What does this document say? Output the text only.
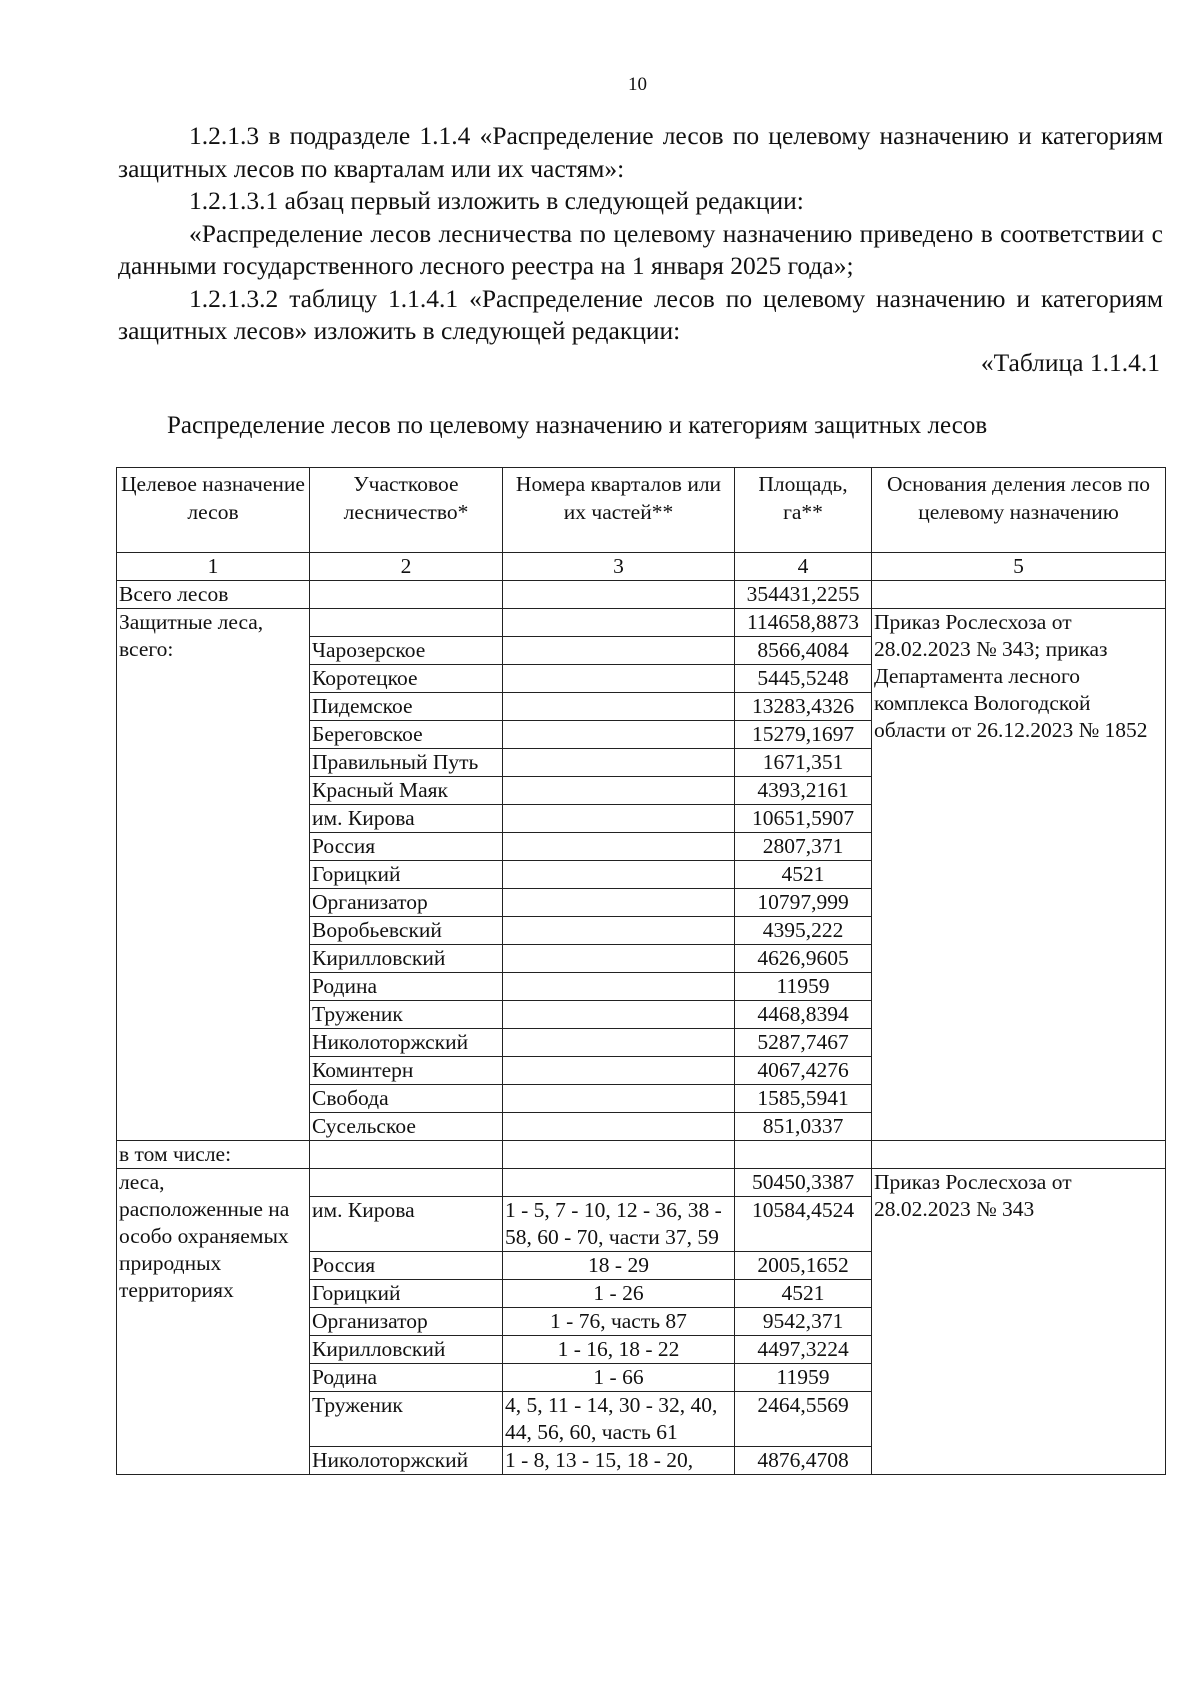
10

1.2.1.3 в подразделе 1.1.4 «Распределение лесов по целевому назначению и категориям защитных лесов по кварталам или их частям»:

1.2.1.3.1 абзац первый изложить в следующей редакции:

«Распределение лесов лесничества по целевому назначению приведено в соответствии с данными государственного лесного реестра на 1 января 2025 года»;

1.2.1.3.2 таблицу 1.1.4.1 «Распределение лесов по целевому назначению и категориям защитных лесов» изложить в следующей редакции:

«Таблица 1.1.4.1
Распределение лесов по целевому назначению и категориям защитных лесов
Целевое назначение лесов	Участковое лесничество*	Номера кварталов или их частей**	Площадь, га**	Основания деления лесов по целевому назначению
1	2	3	4	5
Всего лесов			354431,2255	
Защитные леса, всего:			114658,8873	Приказ Рослесхоза от 28.02.2023 № 343; приказ Департамента лесного комплекса Вологодской области от 26.12.2023 № 1852
	Чарозерское		8566,4084	
	Коротецкое		5445,5248	
	Пидемское		13283,4326	
	Береговское		15279,1697	
	Правильный Путь		1671,351	
	Красный Маяк		4393,2161	
	им. Кирова		10651,5907	
	Россия		2807,371	
	Горицкий		4521	
	Организатор		10797,999	
	Воробьевский		4395,222	
	Кирилловский		4626,9605	
	Родина		11959	
	Труженик		4468,8394	
	Николоторжский		5287,7467	
	Коминтерн		4067,4276	
	Свобода		1585,5941	
	Сусельское		851,0337	
в том числе:				
леса, расположенные на особо охраняемых природных территориях			50450,3387	Приказ Рослесхоза от 28.02.2023 № 343
	им. Кирова	1 - 5, 7 - 10, 12 - 36, 38 - 58, 60 - 70, части 37, 59	10584,4524	
	Россия	18 - 29	2005,1652	
	Горицкий	1 - 26	4521	
	Организатор	1 - 76, часть 87	9542,371	
	Кирилловский	1 - 16, 18 - 22	4497,3224	
	Родина	1 - 66	11959	
	Труженик	4, 5, 11 - 14, 30 - 32, 40, 44, 56, 60, часть 61	2464,5569	
	Николоторжский	1 - 8, 13 - 15, 18 - 20,	4876,4708	
